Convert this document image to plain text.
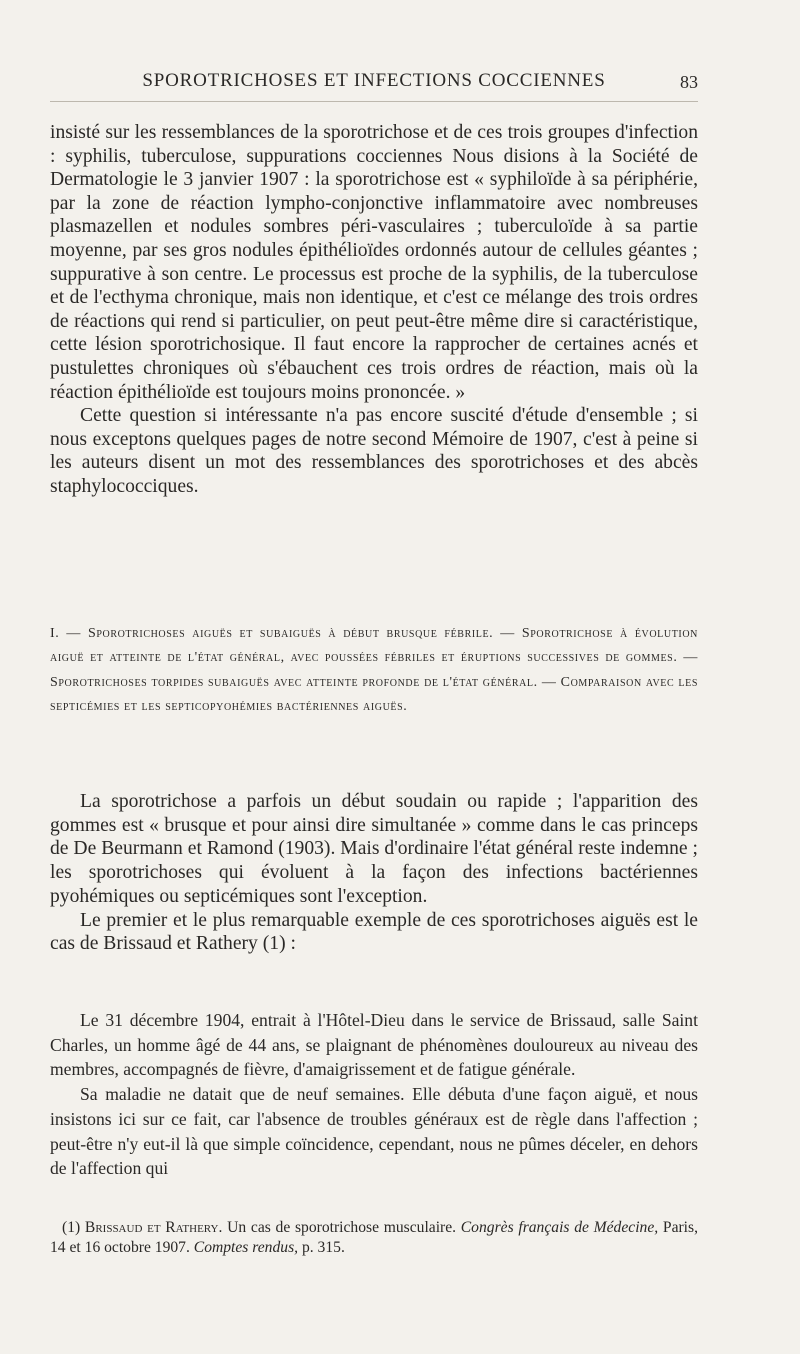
SPOROTRICHOSES ET INFECTIONS COCCIENNES	83

insisté sur les ressemblances de la sporotrichose et de ces trois groupes d'infection : syphilis, tuberculose, suppurations cocciennes Nous disions à la Société de Dermatologie le 3 janvier 1907 : la sporotrichose est « syphiloïde à sa périphérie, par la zone de réaction lympho-conjonctive inflammatoire avec nombreuses plasmazellen et nodules sombres péri-vasculaires ; tuberculoïde à sa partie moyenne, par ses gros nodules épithélioïdes ordonnés autour de cellules géantes ; suppurative à son centre. Le processus est proche de la syphilis, de la tuberculose et de l'ecthyma chronique, mais non identique, et c'est ce mélange des trois ordres de réactions qui rend si particulier, on peut peut-être même dire si caractéristique, cette lésion sporotrichosique. Il faut encore la rapprocher de certaines acnés et pustulettes chroniques où s'ébauchent ces trois ordres de réaction, mais où la réaction épithélioïde est toujours moins prononcée. »

Cette question si intéressante n'a pas encore suscité d'étude d'ensemble ; si nous exceptons quelques pages de notre second Mémoire de 1907, c'est à peine si les auteurs disent un mot des ressemblances des sporotrichoses et des abcès staphylococciques.

I. — Sporotrichoses aiguës et subaiguës à début brusque fébrile. — Sporotrichose à évolution aiguë et atteinte de l'état général, avec poussées fébriles et éruptions successives de gommes. — Sporotrichoses torpides subaiguës avec atteinte profonde de l'état général. — Comparaison avec les septicémies et les septicopyohémies bactériennes aiguës.

La sporotrichose a parfois un début soudain ou rapide ; l'apparition des gommes est « brusque et pour ainsi dire simultanée » comme dans le cas princeps de De Beurmann et Ramond (1903). Mais d'ordinaire l'état général reste indemne ; les sporotrichoses qui évoluent à la façon des infections bactériennes pyohémiques ou septicémiques sont l'exception.

Le premier et le plus remarquable exemple de ces sporotrichoses aiguës est le cas de Brissaud et Rathery (1) :

Le 31 décembre 1904, entrait à l'Hôtel-Dieu dans le service de Brissaud, salle Saint Charles, un homme âgé de 44 ans, se plaignant de phénomènes douloureux au niveau des membres, accompagnés de fièvre, d'amaigrissement et de fatigue générale.

Sa maladie ne datait que de neuf semaines. Elle débuta d'une façon aiguë, et nous insistons ici sur ce fait, car l'absence de troubles généraux est de règle dans l'affection ; peut-être n'y eut-il là que simple coïncidence, cependant, nous ne pûmes déceler, en dehors de l'affection qui

(1) Brissaud et Rathery. Un cas de sporotrichose musculaire. Congrès français de Médecine, Paris, 14 et 16 octobre 1907. Comptes rendus, p. 315.
